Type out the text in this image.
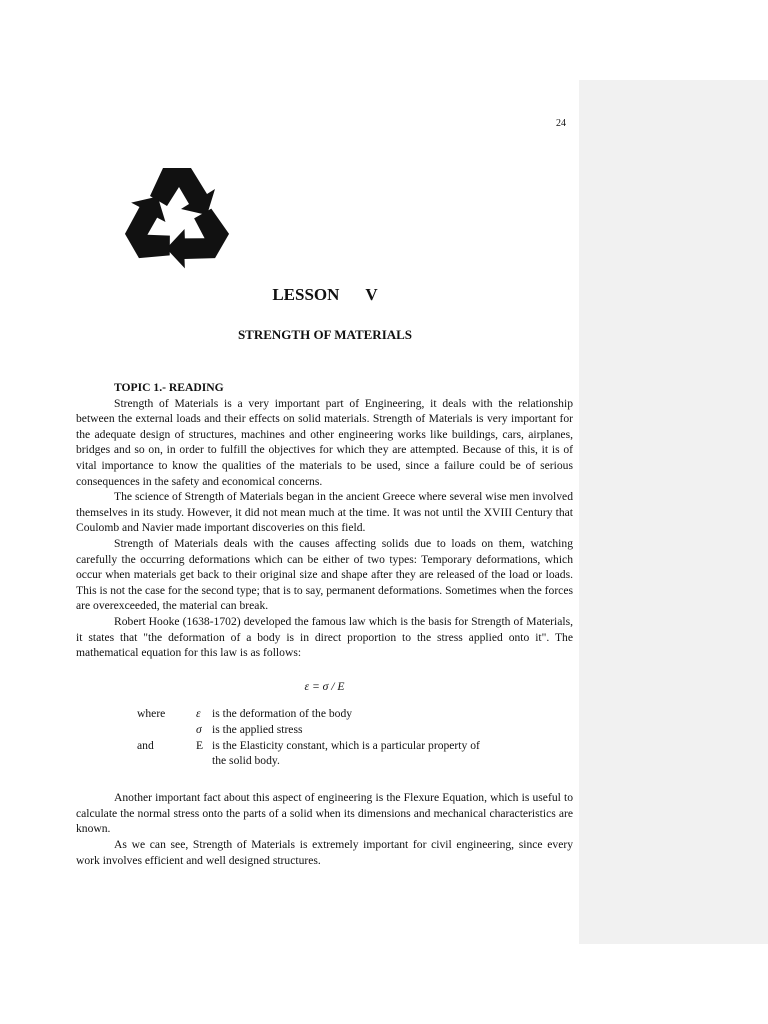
24
LESSON V
STRENGTH OF MATERIALS
TOPIC 1.- READING

Strength of Materials is a very important part of Engineering, it deals with the relationship between the external loads and their effects on solid materials. Strength of Materials is very important for the adequate design of structures, machines and other engineering works like buildings, cars, airplanes, bridges and so on, in order to fulfill the objectives for which they are attempted. Because of this, it is of vital importance to know the qualities of the materials to be used, since a failure could be of serious consequences in the safety and economical concerns.

The science of Strength of Materials began in the ancient Greece where several wise men involved themselves in its study. However, it did not mean much at the time. It was not until the XVIII Century that Coulomb and Navier made important discoveries on this field.

Strength of Materials deals with the causes affecting solids due to loads on them, watching carefully the occurring deformations which can be either of two types: Temporary deformations, which occur when materials get back to their original size and shape after they are released of the load or loads. This is not the case for the second type; that is to say, permanent deformations. Sometimes when the forces are overexceeded, the material can break.

Robert Hooke (1638-1702) developed the famous law which is the basis for Strength of Materials, it states that "the deformation of a body is in direct proportion to the stress applied onto it". The mathematical equation for this law is as follows:

ε = σ / E
where	ε is the deformation of the body
σ is the applied stress
and	E is the Elasticity constant, which is a particular property of
the solid body.

Another important fact about this aspect of engineering is the Flexure Equation, which is useful to calculate the normal stress onto the parts of a solid when its dimensions and mechanical characteristics are known.

As we can see, Strength of Materials is extremely important for civil engineering, since every work involves efficient and well designed structures.
